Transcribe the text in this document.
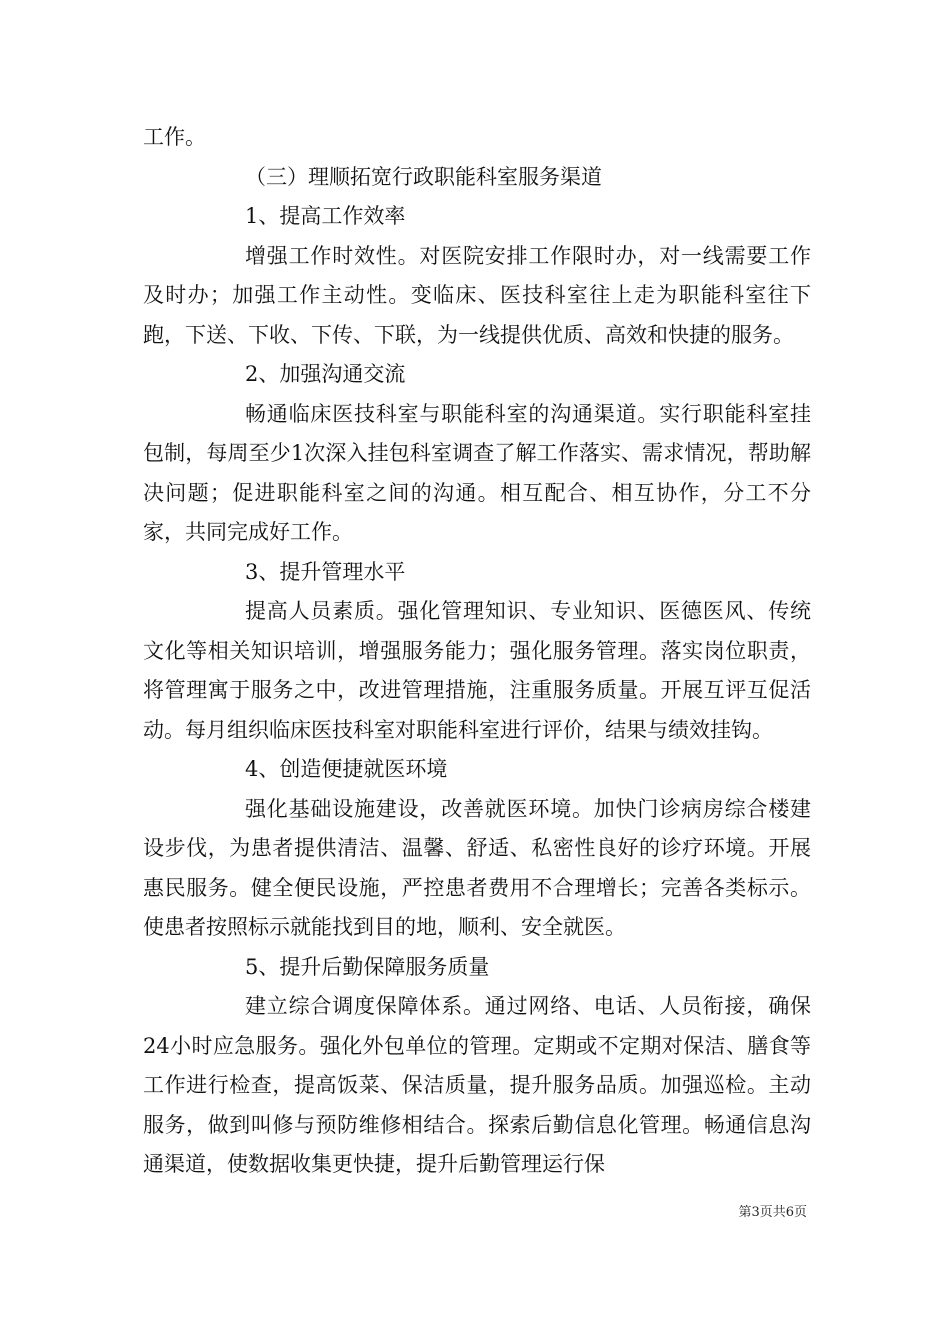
工作。

（三）理顺拓宽行政职能科室服务渠道

1、提高工作效率

增强工作时效性。对医院安排工作限时办，对一线需要工作及时办；加强工作主动性。变临床、医技科室往上走为职能科室往下跑，下送、下收、下传、下联，为一线提供优质、高效和快捷的服务。

2、加强沟通交流

畅通临床医技科室与职能科室的沟通渠道。实行职能科室挂包制，每周至少1次深入挂包科室调查了解工作落实、需求情况，帮助解决问题；促进职能科室之间的沟通。相互配合、相互协作，分工不分家，共同完成好工作。

3、提升管理水平

提高人员素质。强化管理知识、专业知识、医德医风、传统文化等相关知识培训，增强服务能力；强化服务管理。落实岗位职责，将管理寓于服务之中，改进管理措施，注重服务质量。开展互评互促活动。每月组织临床医技科室对职能科室进行评价，结果与绩效挂钩。

4、创造便捷就医环境

强化基础设施建设，改善就医环境。加快门诊病房综合楼建设步伐，为患者提供清洁、温馨、舒适、私密性良好的诊疗环境。开展惠民服务。健全便民设施，严控患者费用不合理增长；完善各类标示。使患者按照标示就能找到目的地，顺利、安全就医。

5、提升后勤保障服务质量

建立综合调度保障体系。通过网络、电话、人员衔接，确保24小时应急服务。强化外包单位的管理。定期或不定期对保洁、膳食等工作进行检查，提高饭菜、保洁质量，提升服务品质。加强巡检。主动服务，做到叫修与预防维修相结合。探索后勤信息化管理。畅通信息沟通渠道，使数据收集更快捷，提升后勤管理运行保

第3页共6页
